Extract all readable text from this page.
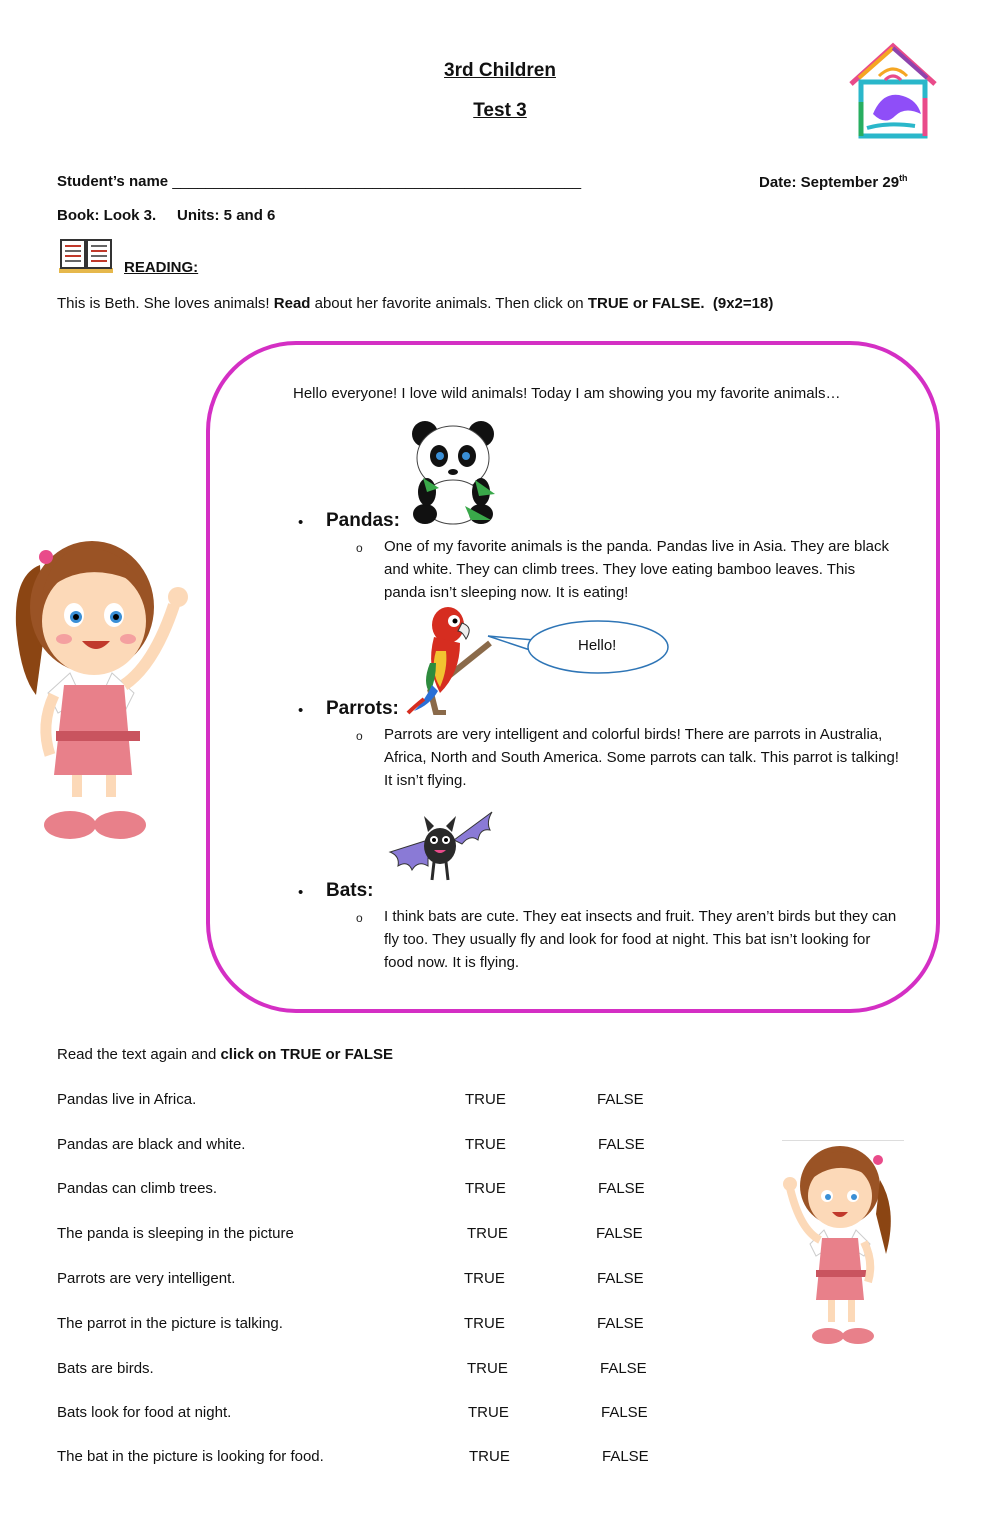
3rd Children
Test 3
Student’s name _________________________________________________	Date: September 29th
Book: Look 3. Units: 5 and 6
READING:
This is Beth. She loves animals! Read about her favorite animals. Then click on TRUE or FALSE. (9x2=18)
Hello everyone! I love wild animals! Today I am showing you my favorite animals…
• Pandas:
o One of my favorite animals is the panda. Pandas live in Asia. They are black and white. They can climb trees. They love eating bamboo leaves. This panda isn’t sleeping now. It is eating!
Hello!
• Parrots:
o Parrots are very intelligent and colorful birds! There are parrots in Australia, Africa, North and South America. Some parrots can talk. This parrot is talking! It isn’t flying.
• Bats:
o I think bats are cute. They eat insects and fruit. They aren’t birds but they can fly too. They usually fly and look for food at night. This bat isn’t looking for food now. It is flying.
Read the text again and click on TRUE or FALSE
Pandas live in Africa.	TRUE	FALSE
Pandas are black and white.	TRUE	FALSE
Pandas can climb trees.	TRUE	FALSE
The panda is sleeping in the picture	TRUE	FALSE
Parrots are very intelligent.	TRUE	FALSE
The parrot in the picture is talking.	TRUE	FALSE
Bats are birds.	TRUE	FALSE
Bats look for food at night.	TRUE	FALSE
The bat in the picture is looking for food.	TRUE	FALSE
